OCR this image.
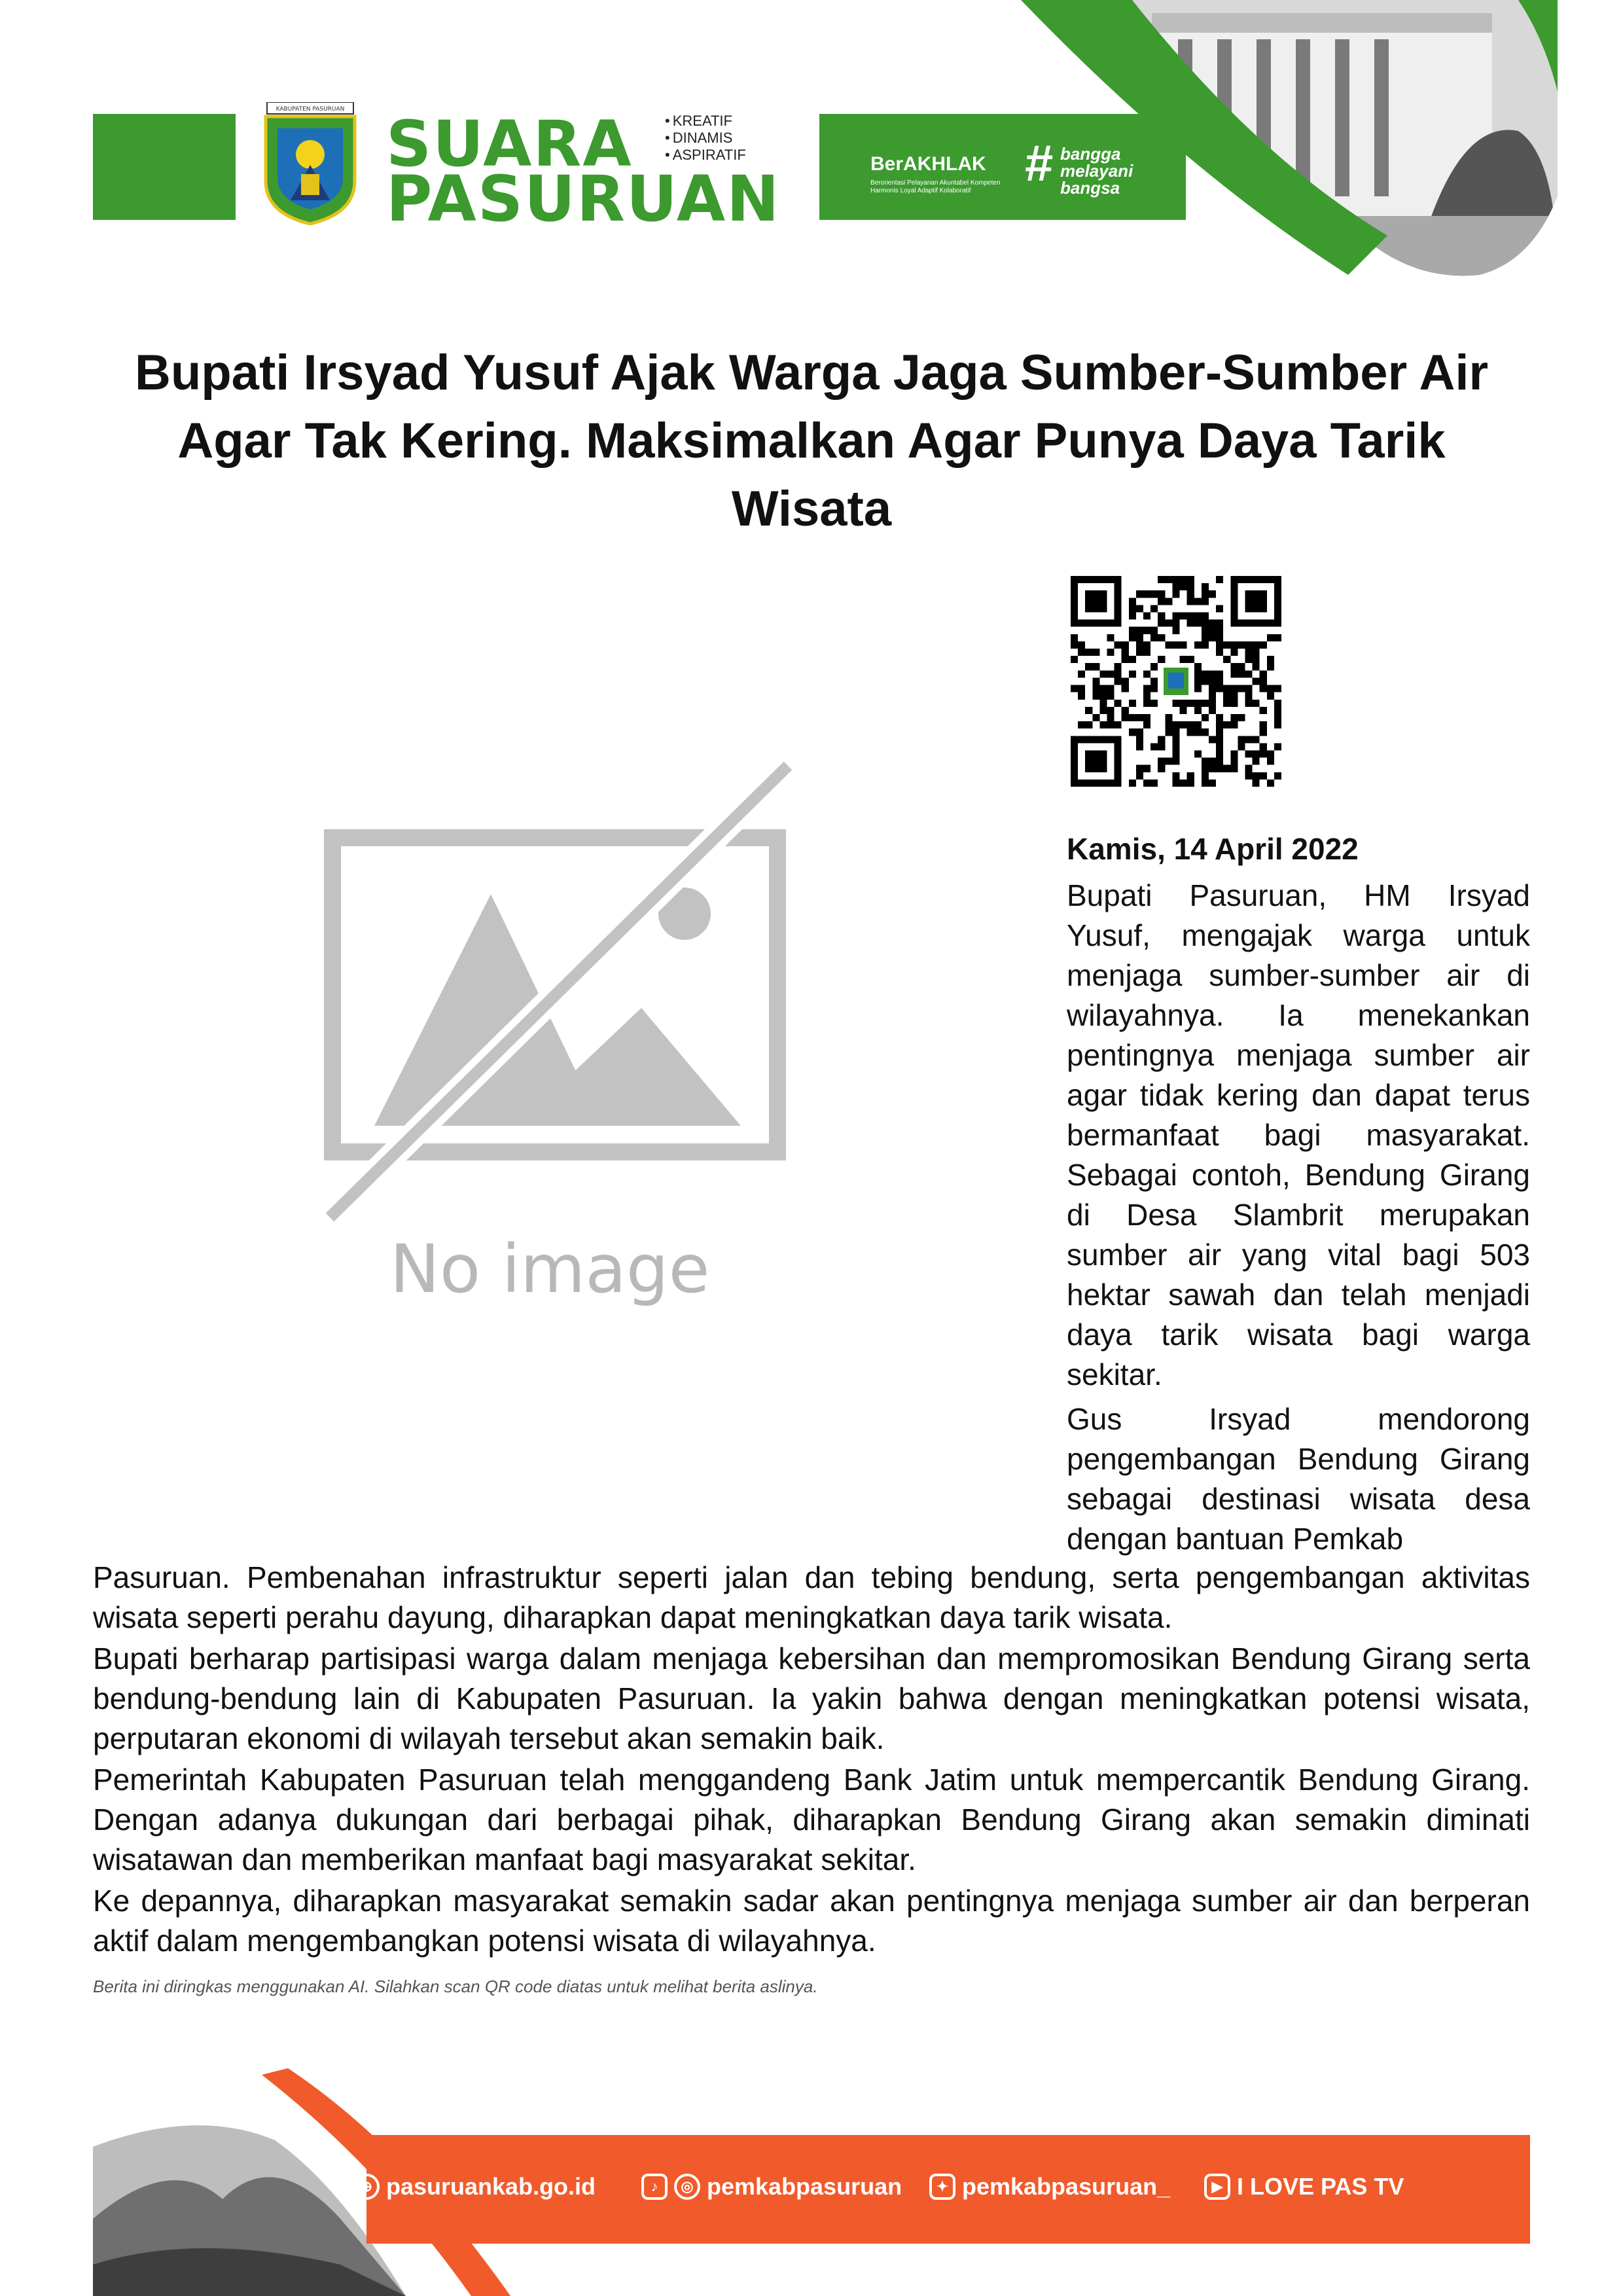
KABUPATEN PASURUAN SUARA
PASURUAN
• KREATIF
• DINAMIS
• ASPIRATIF	BerAKHLAK
Berorientasi Pelayanan Akuntabel Kompeten Harmonis Loyal Adaptif Kolaboratif	# bangga
melayani
bangsa
Bupati Irsyad Yusuf Ajak Warga Jaga Sumber-Sumber Air Agar Tak Kering. Maksimalkan Agar Punya Daya Tarik Wisata
No image
Kamis, 14 April 2022

Bupati Pasuruan, HM Irsyad Yusuf, mengajak warga untuk menjaga sumber-sumber air di wilayahnya. Ia menekankan pentingnya menjaga sumber air agar tidak kering dan dapat terus bermanfaat bagi masyarakat. Sebagai contoh, Bendung Girang di Desa Slambrit merupakan sumber air yang vital bagi 503 hektar sawah dan telah menjadi daya tarik wisata bagi warga sekitar.

Gus Irsyad mendorong pengembangan Bendung Girang sebagai destinasi wisata desa dengan bantuan Pemkab

Pasuruan. Pembenahan infrastruktur seperti jalan dan tebing bendung, serta pengembangan aktivitas wisata seperti perahu dayung, diharapkan dapat meningkatkan daya tarik wisata.

Bupati berharap partisipasi warga dalam menjaga kebersihan dan mempromosikan Bendung Girang serta bendung-bendung lain di Kabupaten Pasuruan. Ia yakin bahwa dengan meningkatkan potensi wisata, perputaran ekonomi di wilayah tersebut akan semakin baik.

Pemerintah Kabupaten Pasuruan telah menggandeng Bank Jatim untuk mempercantik Bendung Girang. Dengan adanya dukungan dari berbagai pihak, diharapkan Bendung Girang akan semakin diminati wisatawan dan memberikan manfaat bagi masyarakat sekitar.

Ke depannya, diharapkan masyarakat semakin sadar akan pentingnya menjaga sumber air dan berperan aktif dalam mengembangkan potensi wisata di wilayahnya.

Berita ini diringkas menggunakan AI. Silahkan scan QR code diatas untuk melihat berita aslinya.
⊕ pasuruankab.go.id	♪	◎ pemkabpasuruan	✦ pemkabpasuruan_	▶ I LOVE PAS TV
